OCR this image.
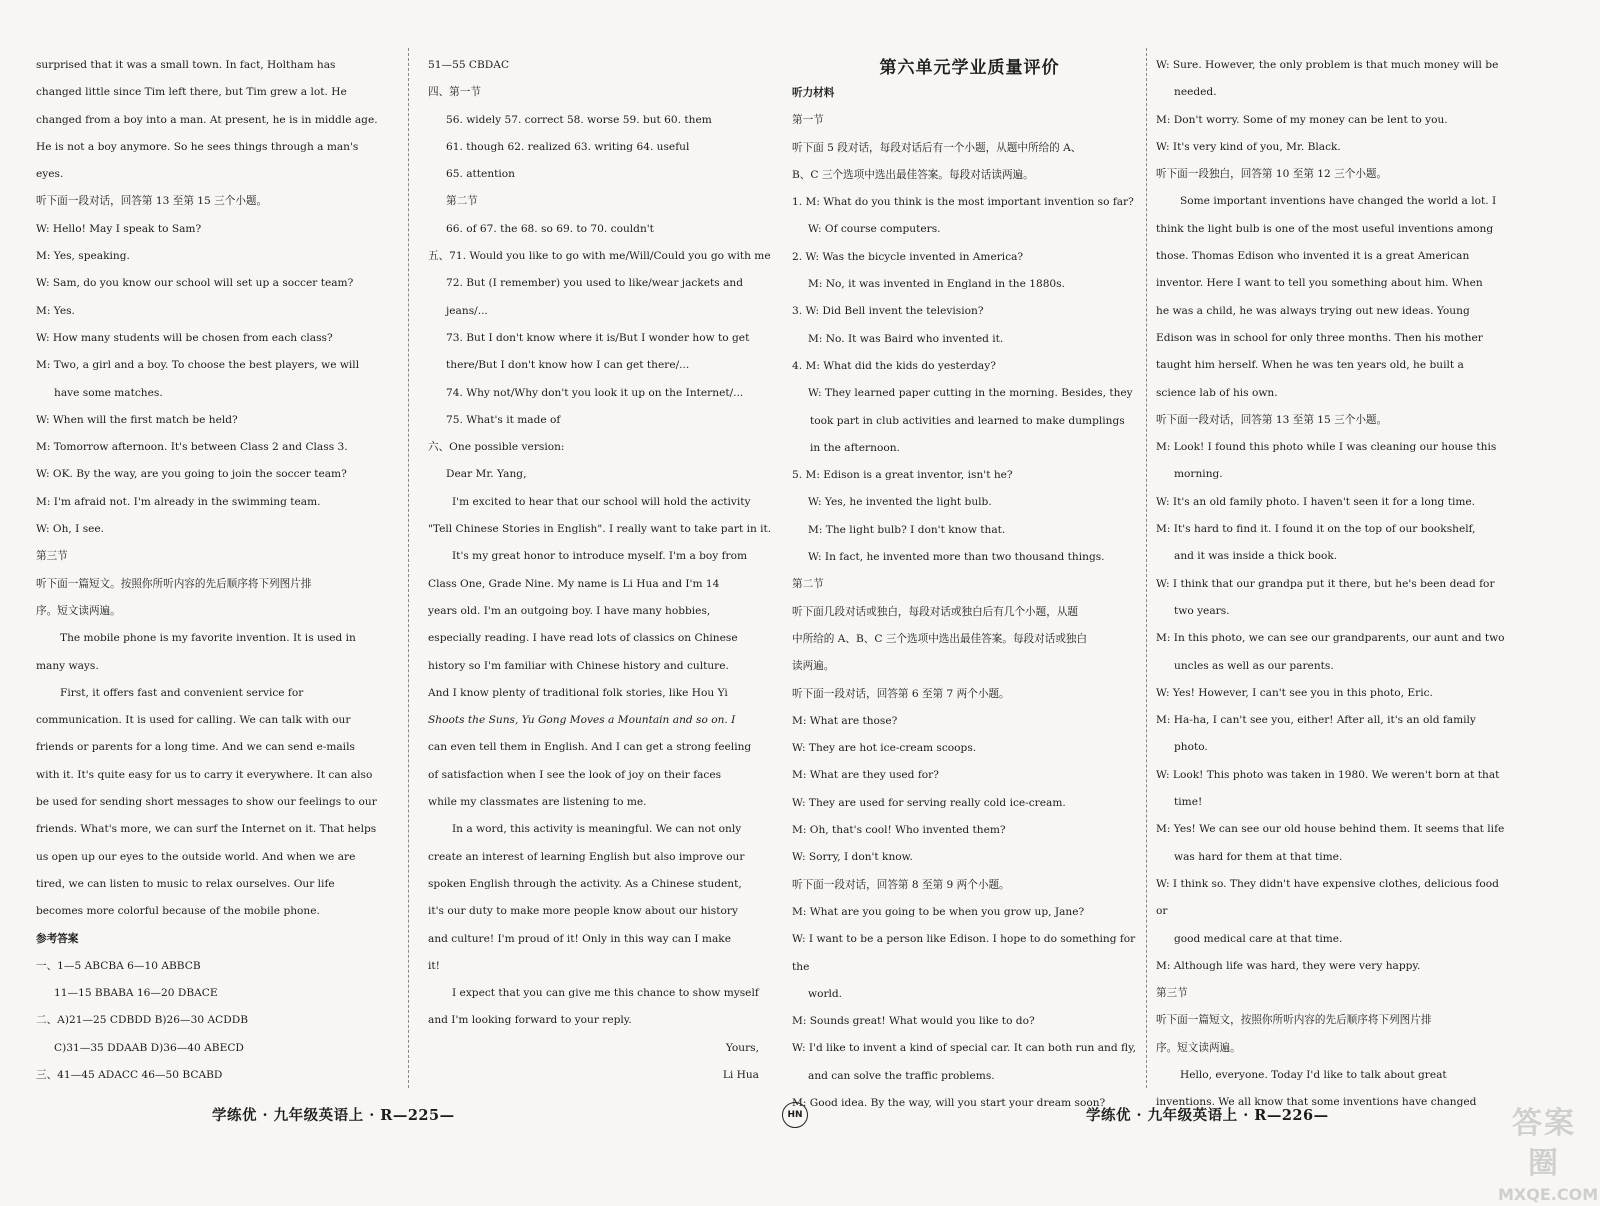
surprised that it was a small town. In fact, Holtham has

changed little since Tim left there, but Tim grew a lot. He

changed from a boy into a man. At present, he is in middle age.

He is not a boy anymore. So he sees things through a man's

eyes.

听下面一段对话，回答第 13 至第 15 三个小题。

W: Hello! May I speak to Sam?

M: Yes, speaking.

W: Sam, do you know our school will set up a soccer team?

M: Yes.

W: How many students will be chosen from each class?

M: Two, a girl and a boy. To choose the best players, we will

have some matches.

W: When will the first match be held?

M: Tomorrow afternoon. It's between Class 2 and Class 3.

W: OK. By the way, are you going to join the soccer team?

M: I'm afraid not. I'm already in the swimming team.

W: Oh, I see.

第三节

听下面一篇短文。按照你所听内容的先后顺序将下列图片排

序。短文读两遍。

The mobile phone is my favorite invention. It is used in

many ways.

First, it offers fast and convenient service for

communication. It is used for calling. We can talk with our

friends or parents for a long time. And we can send e-mails

with it. It's quite easy for us to carry it everywhere. It can also

be used for sending short messages to show our feelings to our

friends. What's more, we can surf the Internet on it. That helps

us open up our eyes to the outside world. And when we are

tired, we can listen to music to relax ourselves. Our life

becomes more colorful because of the mobile phone.

参考答案

一、1—5 ABCBA 6—10 ABBCB

11—15 BBABA 16—20 DBACE

二、A)21—25 CDBDD B)26—30 ACDDB

C)31—35 DDAAB D)36—40 ABECD

三、41—45 ADACC 46—50 BCABD

51—55 CBDAC

四、第一节

56. widely 57. correct 58. worse 59. but 60. them

61. though 62. realized 63. writing 64. useful

65. attention

第二节

66. of 67. the 68. so 69. to 70. couldn't

五、71. Would you like to go with me/Will/Could you go with me

72. But (I remember) you used to like/wear jackets and

jeans/...

73. But I don't know where it is/But I wonder how to get

there/But I don't know how I can get there/...

74. Why not/Why don't you look it up on the Internet/...

75. What's it made of

六、One possible version:

Dear Mr. Yang,

I'm excited to hear that our school will hold the activity

"Tell Chinese Stories in English". I really want to take part in it.

It's my great honor to introduce myself. I'm a boy from

Class One, Grade Nine. My name is Li Hua and I'm 14

years old. I'm an outgoing boy. I have many hobbies,

especially reading. I have read lots of classics on Chinese

history so I'm familiar with Chinese history and culture.

And I know plenty of traditional folk stories, like Hou Yi

Shoots the Suns, Yu Gong Moves a Mountain and so on. I

can even tell them in English. And I can get a strong feeling

of satisfaction when I see the look of joy on their faces

while my classmates are listening to me.

In a word, this activity is meaningful. We can not only

create an interest of learning English but also improve our

spoken English through the activity. As a Chinese student,

it's our duty to make more people know about our history

and culture! I'm proud of it! Only in this way can I make

it!

I expect that you can give me this chance to show myself

and I'm looking forward to your reply.

Yours,

Li Hua

第六单元学业质量评价

听力材料

第一节

听下面 5 段对话，每段对话后有一个小题，从题中所给的 A、

B、C 三个选项中选出最佳答案。每段对话读两遍。

1. M: What do you think is the most important invention so far?

W: Of course computers.

2. W: Was the bicycle invented in America?

M: No, it was invented in England in the 1880s.

3. W: Did Bell invent the television?

M: No. It was Baird who invented it.

4. M: What did the kids do yesterday?

W: They learned paper cutting in the morning. Besides, they

took part in club activities and learned to make dumplings

in the afternoon.

5. M: Edison is a great inventor, isn't he?

W: Yes, he invented the light bulb.

M: The light bulb? I don't know that.

W: In fact, he invented more than two thousand things.

第二节

听下面几段对话或独白，每段对话或独白后有几个小题，从题

中所给的 A、B、C 三个选项中选出最佳答案。每段对话或独白

读两遍。

听下面一段对话，回答第 6 至第 7 两个小题。

M: What are those?

W: They are hot ice-cream scoops.

M: What are they used for?

W: They are used for serving really cold ice-cream.

M: Oh, that's cool! Who invented them?

W: Sorry, I don't know.

听下面一段对话，回答第 8 至第 9 两个小题。

M: What are you going to be when you grow up, Jane?

W: I want to be a person like Edison. I hope to do something for the

world.

M: Sounds great! What would you like to do?

W: I'd like to invent a kind of special car. It can both run and fly,

and can solve the traffic problems.

M: Good idea. By the way, will you start your dream soon?

W: Sure. However, the only problem is that much money will be

needed.

M: Don't worry. Some of my money can be lent to you.

W: It's very kind of you, Mr. Black.

听下面一段独白，回答第 10 至第 12 三个小题。

Some important inventions have changed the world a lot. I

think the light bulb is one of the most useful inventions among

those. Thomas Edison who invented it is a great American

inventor. Here I want to tell you something about him. When

he was a child, he was always trying out new ideas. Young

Edison was in school for only three months. Then his mother

taught him herself. When he was ten years old, he built a

science lab of his own.

听下面一段对话，回答第 13 至第 15 三个小题。

M: Look! I found this photo while I was cleaning our house this

morning.

W: It's an old family photo. I haven't seen it for a long time.

M: It's hard to find it. I found it on the top of our bookshelf,

and it was inside a thick book.

W: I think that our grandpa put it there, but he's been dead for

two years.

M: In this photo, we can see our grandparents, our aunt and two

uncles as well as our parents.

W: Yes! However, I can't see you in this photo, Eric.

M: Ha-ha, I can't see you, either! After all, it's an old family

photo.

W: Look! This photo was taken in 1980. We weren't born at that

time!

M: Yes! We can see our old house behind them. It seems that life

was hard for them at that time.

W: I think so. They didn't have expensive clothes, delicious food or

good medical care at that time.

M: Although life was hard, they were very happy.

第三节

听下面一篇短文，按照你所听内容的先后顺序将下列图片排

序。短文读两遍。

Hello, everyone. Today I'd like to talk about great

inventions. We all know that some inventions have changed

学练优 · 九年级英语上 · R—225—	HN	学练优 · 九年级英语上 · R—226—	答案圈
MXQE.COM
